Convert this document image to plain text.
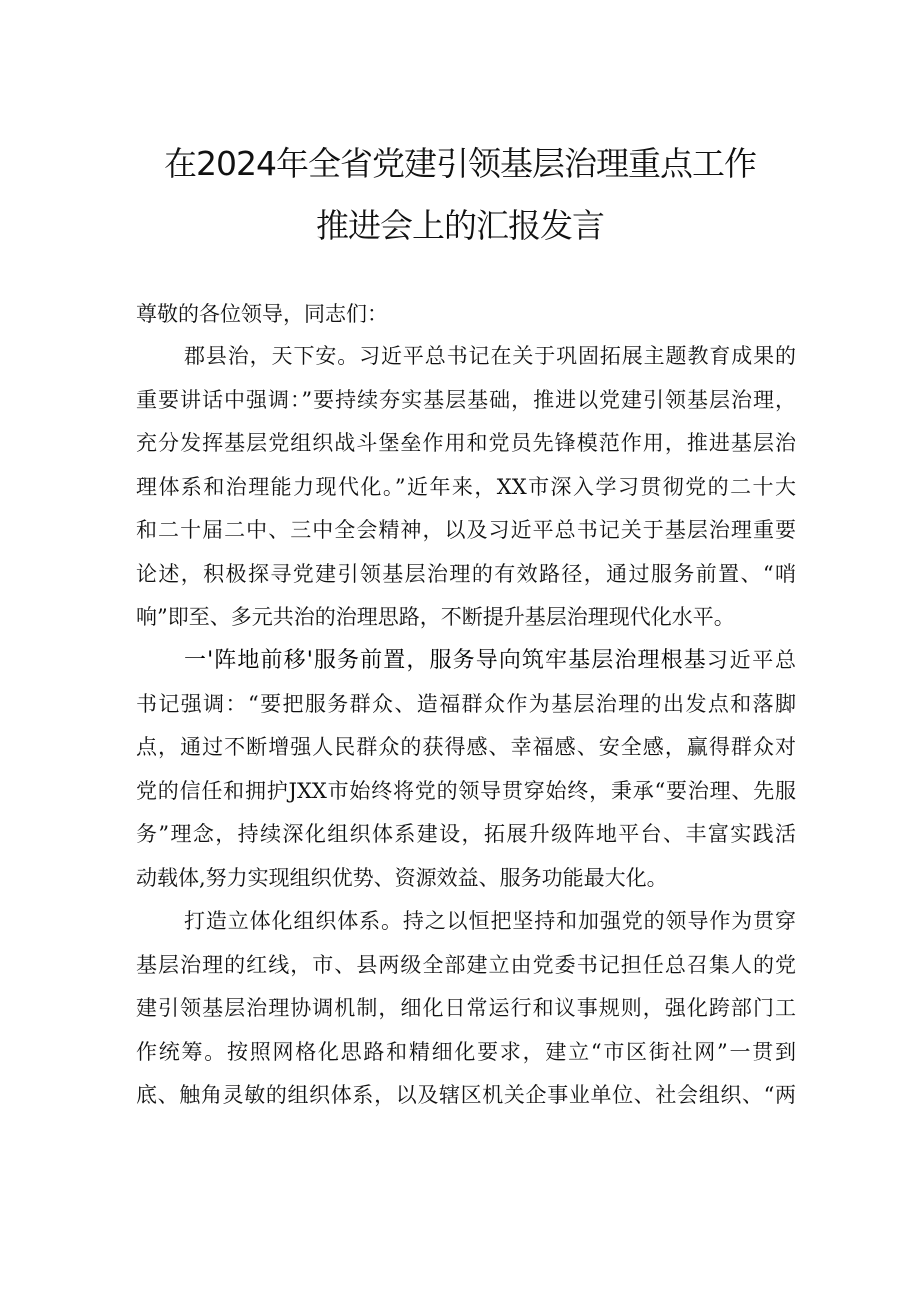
在2024年全省党建引领基层治理重点工作
推进会上的汇报发言
尊敬的各位领导，同志们：
郡县治，天下安。习近平总书记在关于巩固拓展主题教育成果的
重要讲话中强调：”要持续夯实基层基础，推进以党建引领基层治理，
充分发挥基层党组织战斗堡垒作用和党员先锋模范作用，推进基层治
理体系和治理能力现代化。”近年来，XX市深入学习贯彻党的二十大
和二十届二中、三中全会精神，以及习近平总书记关于基层治理重要
论述，积极探寻党建引领基层治理的有效路径，通过服务前置、“哨
响”即至、多元共治的治理思路，不断提升基层治理现代化水平。
一'阵地前移'服务前置，服务导向筑牢基层治理根基习近平总
书记强调：“要把服务群众、造福群众作为基层治理的出发点和落脚
点，通过不断增强人民群众的获得感、幸福感、安全感，赢得群众对
党的信任和拥护JXX市始终将党的领导贯穿始终，秉承“要治理、先服
务”理念，持续深化组织体系建设，拓展升级阵地平台、丰富实践活
动载体,努力实现组织优势、资源效益、服务功能最大化。
打造立体化组织体系。持之以恒把坚持和加强党的领导作为贯穿
基层治理的红线，市、县两级全部建立由党委书记担任总召集人的党
建引领基层治理协调机制，细化日常运行和议事规则，强化跨部门工
作统筹。按照网格化思路和精细化要求，建立“市区街社网”一贯到
底、触角灵敏的组织体系，以及辖区机关企事业单位、社会组织、“两
